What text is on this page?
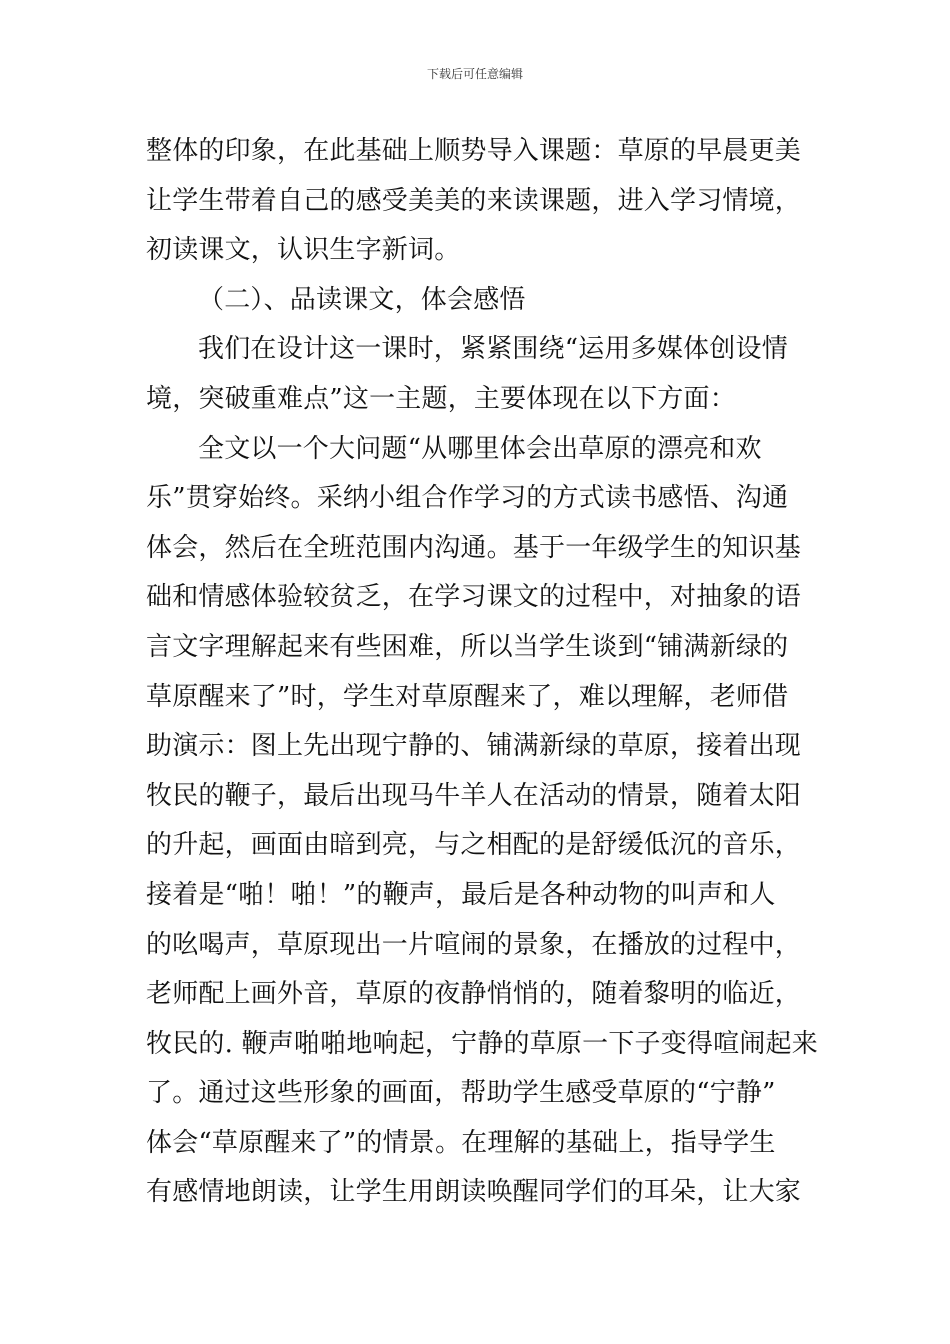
下载后可任意编辑
整体的印象，在此基础上顺势导入课题：草原的早晨更美
让学生带着自己的感受美美的来读课题，进入学习情境，
初读课文，认识生字新词。
（二）、品读课文，体会感悟
我们在设计这一课时，紧紧围绕“运用多媒体创设情
境，突破重难点”这一主题，主要体现在以下方面：
全文以一个大问题“从哪里体会出草原的漂亮和欢
乐”贯穿始终。采纳小组合作学习的方式读书感悟、沟通
体会，然后在全班范围内沟通。基于一年级学生的知识基
础和情感体验较贫乏，在学习课文的过程中，对抽象的语
言文字理解起来有些困难，所以当学生谈到“铺满新绿的
草原醒来了”时，学生对草原醒来了，难以理解，老师借
助演示：图上先出现宁静的、铺满新绿的草原，接着出现
牧民的鞭子，最后出现马牛羊人在活动的情景，随着太阳
的升起，画面由暗到亮，与之相配的是舒缓低沉的音乐，
接着是“啪！啪！”的鞭声，最后是各种动物的叫声和人
的吆喝声，草原现出一片喧闹的景象，在播放的过程中，
老师配上画外音，草原的夜静悄悄的，随着黎明的临近，
牧民的. 鞭声啪啪地响起，宁静的草原一下子变得喧闹起来
了。通过这些形象的画面，帮助学生感受草原的“宁静”
体会“草原醒来了”的情景。在理解的基础上，指导学生
有感情地朗读，让学生用朗读唤醒同学们的耳朵，让大家
